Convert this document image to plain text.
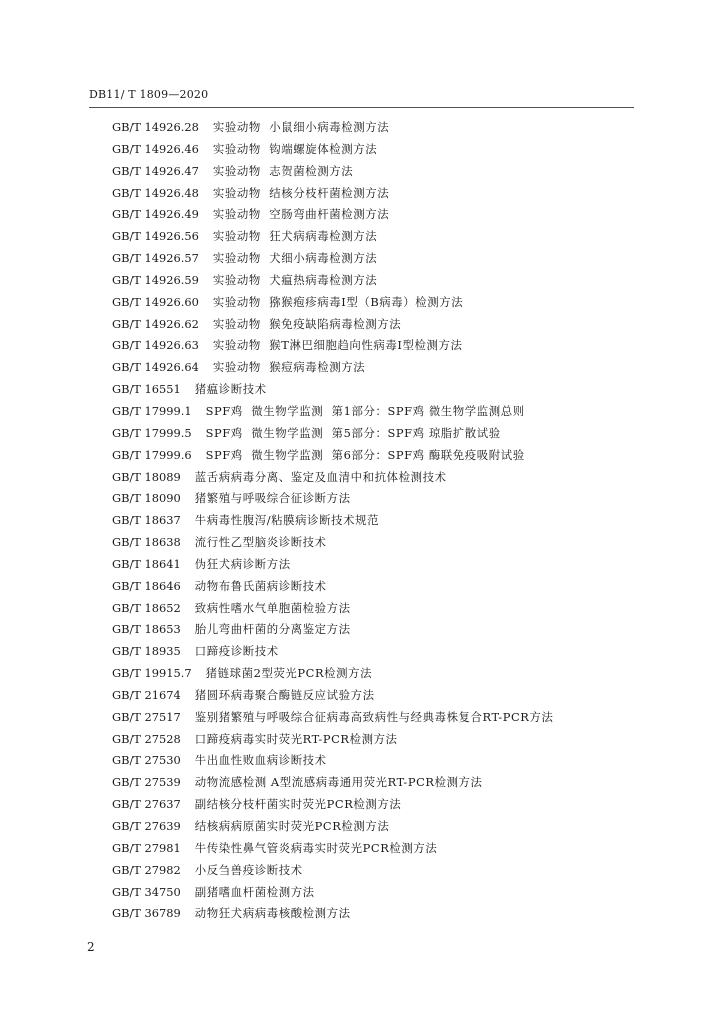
DB11/ T 1809—2020
GB/T 14926.28	实验动物  小鼠细小病毒检测方法
GB/T 14926.46	实验动物  钩端螺旋体检测方法
GB/T 14926.47	实验动物  志贺菌检测方法
GB/T 14926.48	实验动物  结核分枝杆菌检测方法
GB/T 14926.49	实验动物  空肠弯曲杆菌检测方法
GB/T 14926.56	实验动物  狂犬病病毒检测方法
GB/T 14926.57	实验动物  犬细小病毒检测方法
GB/T 14926.59	实验动物  犬瘟热病毒检测方法
GB/T 14926.60	实验动物  猕猴疱疹病毒Ⅰ型（B病毒）检测方法
GB/T 14926.62	实验动物  猴免疫缺陷病毒检测方法
GB/T 14926.63	实验动物  猴T淋巴细胞趋向性病毒Ⅰ型检测方法
GB/T 14926.64	实验动物  猴痘病毒检测方法
GB/T 16551	猪瘟诊断技术
GB/T 17999.1	SPF鸡  微生物学监测  第1部分：SPF鸡 微生物学监测总则
GB/T 17999.5	SPF鸡  微生物学监测  第5部分：SPF鸡 琼脂扩散试验
GB/T 17999.6	SPF鸡  微生物学监测  第6部分：SPF鸡 酶联免疫吸附试验
GB/T 18089	蓝舌病病毒分离、鉴定及血清中和抗体检测技术
GB/T 18090	猪繁殖与呼吸综合征诊断方法
GB/T 18637	牛病毒性腹泻/粘膜病诊断技术规范
GB/T 18638	流行性乙型脑炎诊断技术
GB/T 18641	伪狂犬病诊断方法
GB/T 18646	动物布鲁氏菌病诊断技术
GB/T 18652	致病性嗜水气单胞菌检验方法
GB/T 18653	胎儿弯曲杆菌的分离鉴定方法
GB/T 18935	口蹄疫诊断技术
GB/T 19915.7	猪链球菌2型荧光PCR检测方法
GB/T 21674	猪圆环病毒聚合酶链反应试验方法
GB/T 27517	鉴别猪繁殖与呼吸综合征病毒高致病性与经典毒株复合RT-PCR方法
GB/T 27528	口蹄疫病毒实时荧光RT-PCR检测方法
GB/T 27530	牛出血性败血病诊断技术
GB/T 27539	动物流感检测 A型流感病毒通用荧光RT-PCR检测方法
GB/T 27637	副结核分枝杆菌实时荧光PCR检测方法
GB/T 27639	结核病病原菌实时荧光PCR检测方法
GB/T 27981	牛传染性鼻气管炎病毒实时荧光PCR检测方法
GB/T 27982	小反刍兽疫诊断技术
GB/T 34750	副猪嗜血杆菌检测方法
GB/T 36789	动物狂犬病病毒核酸检测方法
2
